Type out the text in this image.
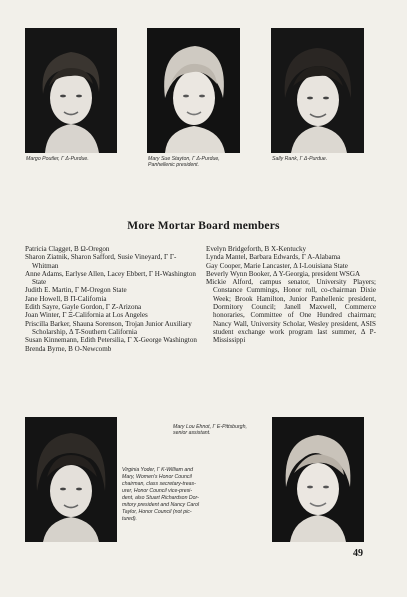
Margo Poutler, Γ Δ-Purdue.	Mary Sue Stayton, Γ Δ-Purdue,
Panhellenic president.
Sally Rank, Γ Δ-Purdue.
More Mortar Board members

Patricia Clagget, Β Ω-Oregon

Sharon Ziatnik, Sharon Safford, Susie Vineyard, Γ Γ-Whitman

Anne Adams, Earlyse Allen, Lacey Ebbert, Γ Η-Washington State

Judith E. Martin, Γ Μ-Oregon State

Jane Howell, Β Π-California

Edith Sayre, Gayle Gordon, Γ Ζ-Arizona

Joan Winter, Γ Ξ-California at Los Angeles

Priscilla Barker, Shauna Sorenson, Trojan Junior Auxiliary Scholarship, Δ Τ-Southern California

Susan Kinnemann, Edith Petersilia, Γ Χ-George Washington

Brenda Byrne, Β Ο-Newcomb

Evelyn Bridgeforth, Β Χ-Kentucky

Lynda Mantel, Barbara Edwards, Γ Α-Alabama

Gay Cooper, Marie Lancaster, Δ Ι-Louisiana State

Beverly Wynn Booker, Δ Υ-Georgia, president WSGA

Mickie Alford, campus senator, University Players; Constance Cummings, Honor roll, co-chairman Dixie Week; Brook Hamilton, Junior Panhellenic president, Dormitory Council; Janell Maxwell, Commerce honoraries, Committee of One Hundred chairman; Nancy Wall, University Scholar, Wesley president, ASIS student exchange work program last summer, Δ Ρ-Mississippi

Mary Lou Ehnot, Γ Ε-Pittsburgh,
senior assistant.
Virginia Yoder, Γ Κ-William and
Mary, Women's Honor Council
chairman, class secretary-treas-
urer, Honor Council vice-presi-
dent, also Stuart Richardson Dor-
mitory president and Nancy Carol
Taylor, Honor Council (not pic-
tured).
49
